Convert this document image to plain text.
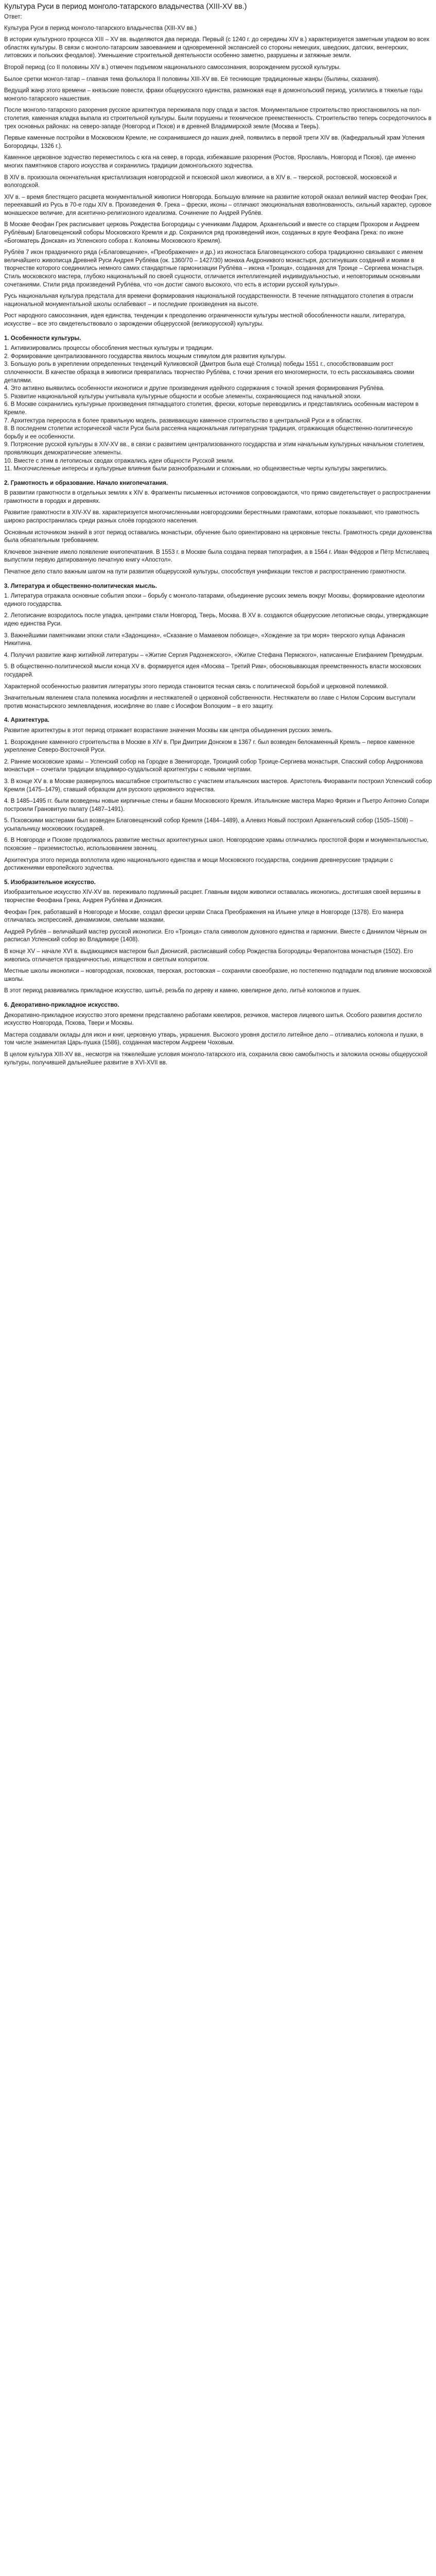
Культура Руси в период монголо-татарского владычества (XIII-XV вв.)
Ответ:

Культура Руси в период монголо-татарского владычества (XIII-XV вв.)

В истории культурного процесса XIII – XV вв. выделяются два периода. Первый (с 1240 г. до середины XIV в.) характеризуется заметным упадком во всех областях культуры. В связи с монголо-татарским завоеванием и одновременной экспансией со стороны немецких, шведских, датских, венгерских, литовских и польских феодалов). Уменьшение строительной деятельности особенно заметно, разрушены и затяжные земли.

Второй период (со II половины XIV в.) отмечен подъемом национального самосознания, возрождением русской культуры.

Былое сретки монгол-татар – главная тема фольклора II половины XIII-XV вв. Её тесниющие традиционные жанры (былины, сказания).

Ведущий жанр этого времени – князьские повести, фраки общерусского единства, размножая еще в домонгольский период, усилились в тяжелые годы монголо-татарского нашествия.

После монголо-татарского разорения русское архитектура переживала пору спада и застоя. Монументальное строительство приостановилось на пол-столетия, каменная кладка выпала из строительной культуры. Были порушены и техническое преемственность. Строительство теперь сосредоточилось в трех основных районах: на северо-западе (Новгород и Псков) и в древней Владимирской земле (Москва и Тверь).

Первые каменные постройки в Московском Кремле, не сохранившиеся до наших дней, появились в первой трети XIV вв. (Кафедральный храм Успения Богородицы, 1326 г.).

Каменное церковное зодчество переместилось с юга на север, в города, избежавшие разорения (Ростов, Ярославль, Новгород и Псков), где именно многих памятников старого искусства и сохранились традиции домонгольского зодчества.

В XIV в. произошла окончательная кристаллизация новгородской и псковской школ живописи, а в XIV в. – тверской, ростовской, московской и вологодской.

XIV в. – время блестящего расцвета монументальной живописи Новгорода. Большую влияние на развитие которой оказал великий мастер Феофан Грек, переехавший из Русь в 70-е годы XIV в. Произведения Ф. Грека – фрески, иконы – отличают эмоциональная взволнованность, сильный характер, суровое монашеское величие, для аскетично-религиозного идеализма. Сочинение по Андрей Рублёв.

В Москве Феофан Грек расписывает церковь Рождества Богородицы с учениками Ладаром, Архангельский и вместе со старцем Прохором и Андреем Рублёвым) Благовещенский соборы Московского Кремля и др. Сохранился ряд произведений икон, созданных в круге Феофана Грека: по иконе «Богоматерь Донская» из Успенского собора г. Коломны Московского Кремля).

Рублёв 7 икон праздничного ряда («Благовещение», «Преображение» и др.) из иконостаса Благовещенского собора традиционно связывают с именем величайшего живописца Древней Руси Андрея Рублёва (ок. 1360/70 – 1427/30) монаха Андрониквого монастыря, достигнувших созданий и моими в творчестве которого соединились немного самих стандартные гармонизации Рублёва – икона «Троица», созданная для Троице – Сергиева монастыря. Стиль московского мастера, глубоко национальный по своей сущности, отличается интеллигенцией индивидуальностью, и неповторимым основными сочетаниями. Стили ряда произведений Рублёва, что «он достиг самого высокого, что есть в истории русской культуры».

Русь национальная культура предстала для времени формирования национальной государственности. В течение пятнадцатого столетия в отрасли национальной монументальной школы ослабевают – и последние произведения на высоте.

Рост народного самосознания, идея единства, тенденции к преодолению ограниченности культуры местной обособленности нашли, литература, искусстве – все это свидетельствовало о зарождении общерусской (великорусской) культуры.

1. Особенности культуры.
1. Активизировались процессы обособления местных культуры и традиции.
2. Формирование централизованного государства явилось мощным стимулом для развития культуры.
3. Большую роль в укреплении определенных тенденций Куликовской (Дмитров была ещё Столица) победы 1551 г., способствовавшим рост сплоченности. В качестве образца в живописи превратилась творчество Рублёва, с точки зрения его многомерности, то есть рассказываясь своими деталями.
4. Это активно выявились особенности иконописи и другие произведения идейного содержания с точкой зрения формирования Рублёва.
5. Развитие национальной культуры учитывала культурные общности и особые элементы, сохраняющиеся под начальной эпохи.
6. В Москве сохранились культурные произведения пятнадцатого столетия, фрески, которые переводились и представлялись особенным мастером в Кремле.
7. Архитектура переросла в более правильную модель, развивающую каменное строительство в центральной Руси и в областях.
8. В последнем столетии исторической части Руси была рассеяна национальная литературная традиция, отражающая общественно-политическую борьбу и ее особенности.
9. Потрясение русской культуры в XIV-XV вв., в связи с развитием централизованного государства и этим начальным культурных начальном столетием, проявляющих демократические элементы.
10. Вместе с этим в летописных сводах отражались идеи общности Русской земли.
11. Многочисленные интересы и культурные влияния были разнообразными и сложными, но общеизвестные черты культуры закрепились.
2. Грамотность и образование. Начало книгопечатания.

В развитии грамотности в отдельных землях к XIV в. Фрагменты письменных источников сопровождаются, что прямо свидетельствует о распространении грамотности в городах и деревнях.

Развитие грамотности в XIV-XV вв. характеризуется многочисленными новгородскими берестяными грамотами, которые показывают, что грамотность широко распространилась среди разных слоёв городского населения.

Основным источником знаний в этот период оставались монастыри, обучение было ориентировано на церковные тексты. Грамотность среди духовенства была обязательным требованием.

Ключевое значение имело появление книгопечатания. В 1553 г. в Москве была создана первая типография, а в 1564 г. Иван Фёдоров и Пётр Мстиславец выпустили первую датированную печатную книгу «Апостол».

Печатное дело стало важным шагом на пути развития общерусской культуры, способствуя унификации текстов и распространению грамотности.

3. Литература и общественно-политическая мысль.

1. Литература отражала основные события эпохи – борьбу с монголо-татарами, объединение русских земель вокруг Москвы, формирование идеологии единого государства.

2. Летописание возродилось после упадка, центрами стали Новгород, Тверь, Москва. В XV в. создаются общерусские летописные своды, утверждающие идею единства Руси.

3. Важнейшими памятниками эпохи стали «Задонщина», «Сказание о Мамаевом побоище», «Хождение за три моря» тверского купца Афанасия Никитина.

4. Получил развитие жанр житийной литературы – «Житие Сергия Радонежского», «Житие Стефана Пермского», написанные Епифанием Премудрым.

5. В общественно-политической мысли конца XV в. формируется идея «Москва – Третий Рим», обосновывающая преемственность власти московских государей.

Характерной особенностью развития литературы этого периода становится тесная связь с политической борьбой и церковной полемикой.

Значительным явлением стала полемика иосифлян и нестяжателей о церковной собственности. Нестяжатели во главе с Нилом Сорским выступали против монастырского землевладения, иосифляне во главе с Иосифом Волоцким – в его защиту.

4. Архитектура.

Развитие архитектуры в этот период отражает возрастание значения Москвы как центра объединения русских земель.

1. Возрождение каменного строительства в Москве в XIV в. При Дмитрии Донском в 1367 г. был возведен белокаменный Кремль – первое каменное укрепление Северо-Восточной Руси.

2. Ранние московские храмы – Успенский собор на Городке в Звенигороде, Троицкий собор Троице-Сергиева монастыря, Спасский собор Андроникова монастыря – сочетали традиции владимиро-суздальской архитектуры с новыми чертами.

3. В конце XV в. в Москве развернулось масштабное строительство с участием итальянских мастеров. Аристотель Фиораванти построил Успенский собор Кремля (1475–1479), ставший образцом для русского церковного зодчества.

4. В 1485–1495 гг. были возведены новые кирпичные стены и башни Московского Кремля. Итальянские мастера Марко Фрязин и Пьетро Антонио Солари построили Грановитую палату (1487–1491).

5. Псковскими мастерами был возведен Благовещенский собор Кремля (1484–1489), а Алевиз Новый построил Архангельский собор (1505–1508) – усыпальницу московских государей.

6. В Новгороде и Пскове продолжалось развитие местных архитектурных школ. Новгородские храмы отличались простотой форм и монументальностью, псковские – приземистостью, использованием звонниц.

Архитектура этого периода воплотила идею национального единства и мощи Московского государства, соединив древнерусские традиции с достижениями европейского зодчества.

5. Изобразительное искусство.

Изобразительное искусство XIV-XV вв. переживало подлинный расцвет. Главным видом живописи оставалась иконопись, достигшая своей вершины в творчестве Феофана Грека, Андрея Рублёва и Дионисия.

Феофан Грек, работавший в Новгороде и Москве, создал фрески церкви Спаса Преображения на Ильине улице в Новгороде (1378). Его манера отличалась экспрессией, динамизмом, смелыми мазками.

Андрей Рублёв – величайший мастер русской иконописи. Его «Троица» стала символом духовного единства и гармонии. Вместе с Даниилом Чёрным он расписал Успенский собор во Владимире (1408).

В конце XV – начале XVI в. выдающимся мастером был Дионисий, расписавший собор Рождества Богородицы Ферапонтова монастыря (1502). Его живопись отличается праздничностью, изяществом и светлым колоритом.

Местные школы иконописи – новгородская, псковская, тверская, ростовская – сохраняли своеобразие, но постепенно подпадали под влияние московской школы.

В этот период развивались прикладное искусство, шитьё, резьба по дереву и камню, ювелирное дело, литьё колоколов и пушек.

6. Декоративно-прикладное искусство.

Декоративно-прикладное искусство этого времени представлено работами ювелиров, резчиков, мастеров лицевого шитья. Особого развития достигло искусство Новгорода, Пскова, Твери и Москвы.

Мастера создавали оклады для икон и книг, церковную утварь, украшения. Высокого уровня достигло литейное дело – отливались колокола и пушки, в том числе знаменитая Царь-пушка (1586), созданная мастером Андреем Чоховым.

В целом культура XIII-XV вв., несмотря на тяжелейшие условия монголо-татарского ига, сохранила свою самобытность и заложила основы общерусской культуры, получившей дальнейшее развитие в XVI-XVII вв.
